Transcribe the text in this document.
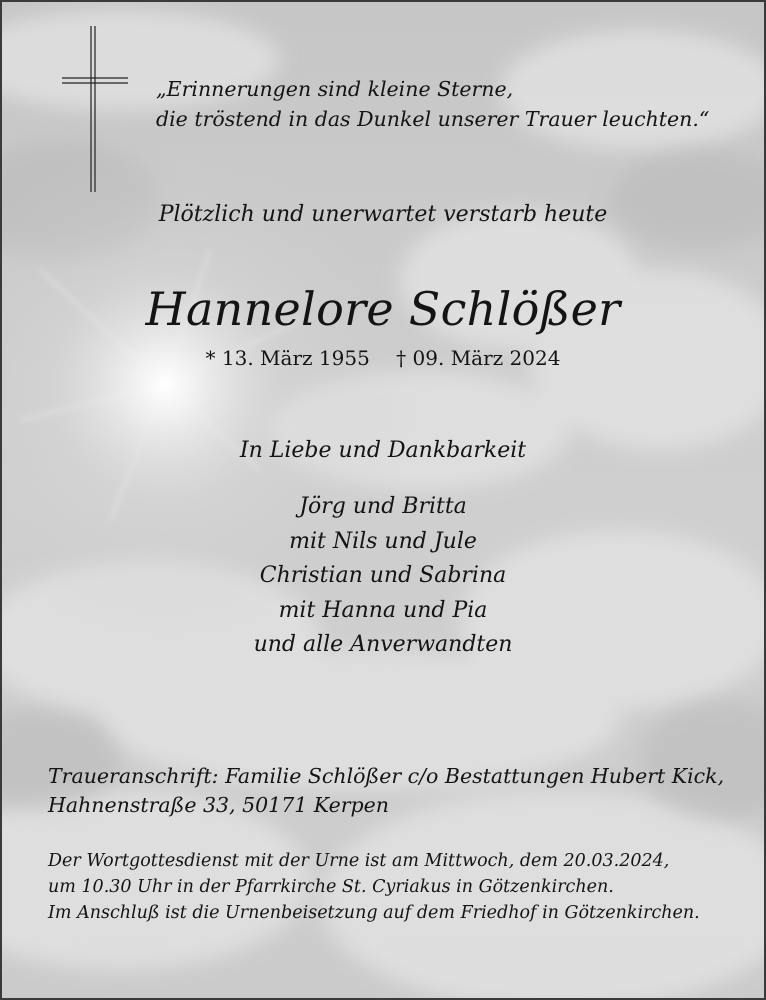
„Erinnerungen sind kleine Sterne,
die tröstend in das Dunkel unserer Trauer leuchten.“
Plötzlich und unerwartet verstarb heute
Hannelore Schlößer
* 13. März 1955 † 09. März 2024
In Liebe und Dankbarkeit
Jörg und Britta
mit Nils und Jule
Christian und Sabrina
mit Hanna und Pia
und alle Anverwandten
Traueranschrift: Familie Schlößer c/o Bestattungen Hubert Kick,
Hahnenstraße 33, 50171 Kerpen
Der Wortgottesdienst mit der Urne ist am Mittwoch, dem 20.03.2024,
um 10.30 Uhr in der Pfarrkirche St. Cyriakus in Götzenkirchen.
Im Anschluß ist die Urnenbeisetzung auf dem Friedhof in Götzenkirchen.
